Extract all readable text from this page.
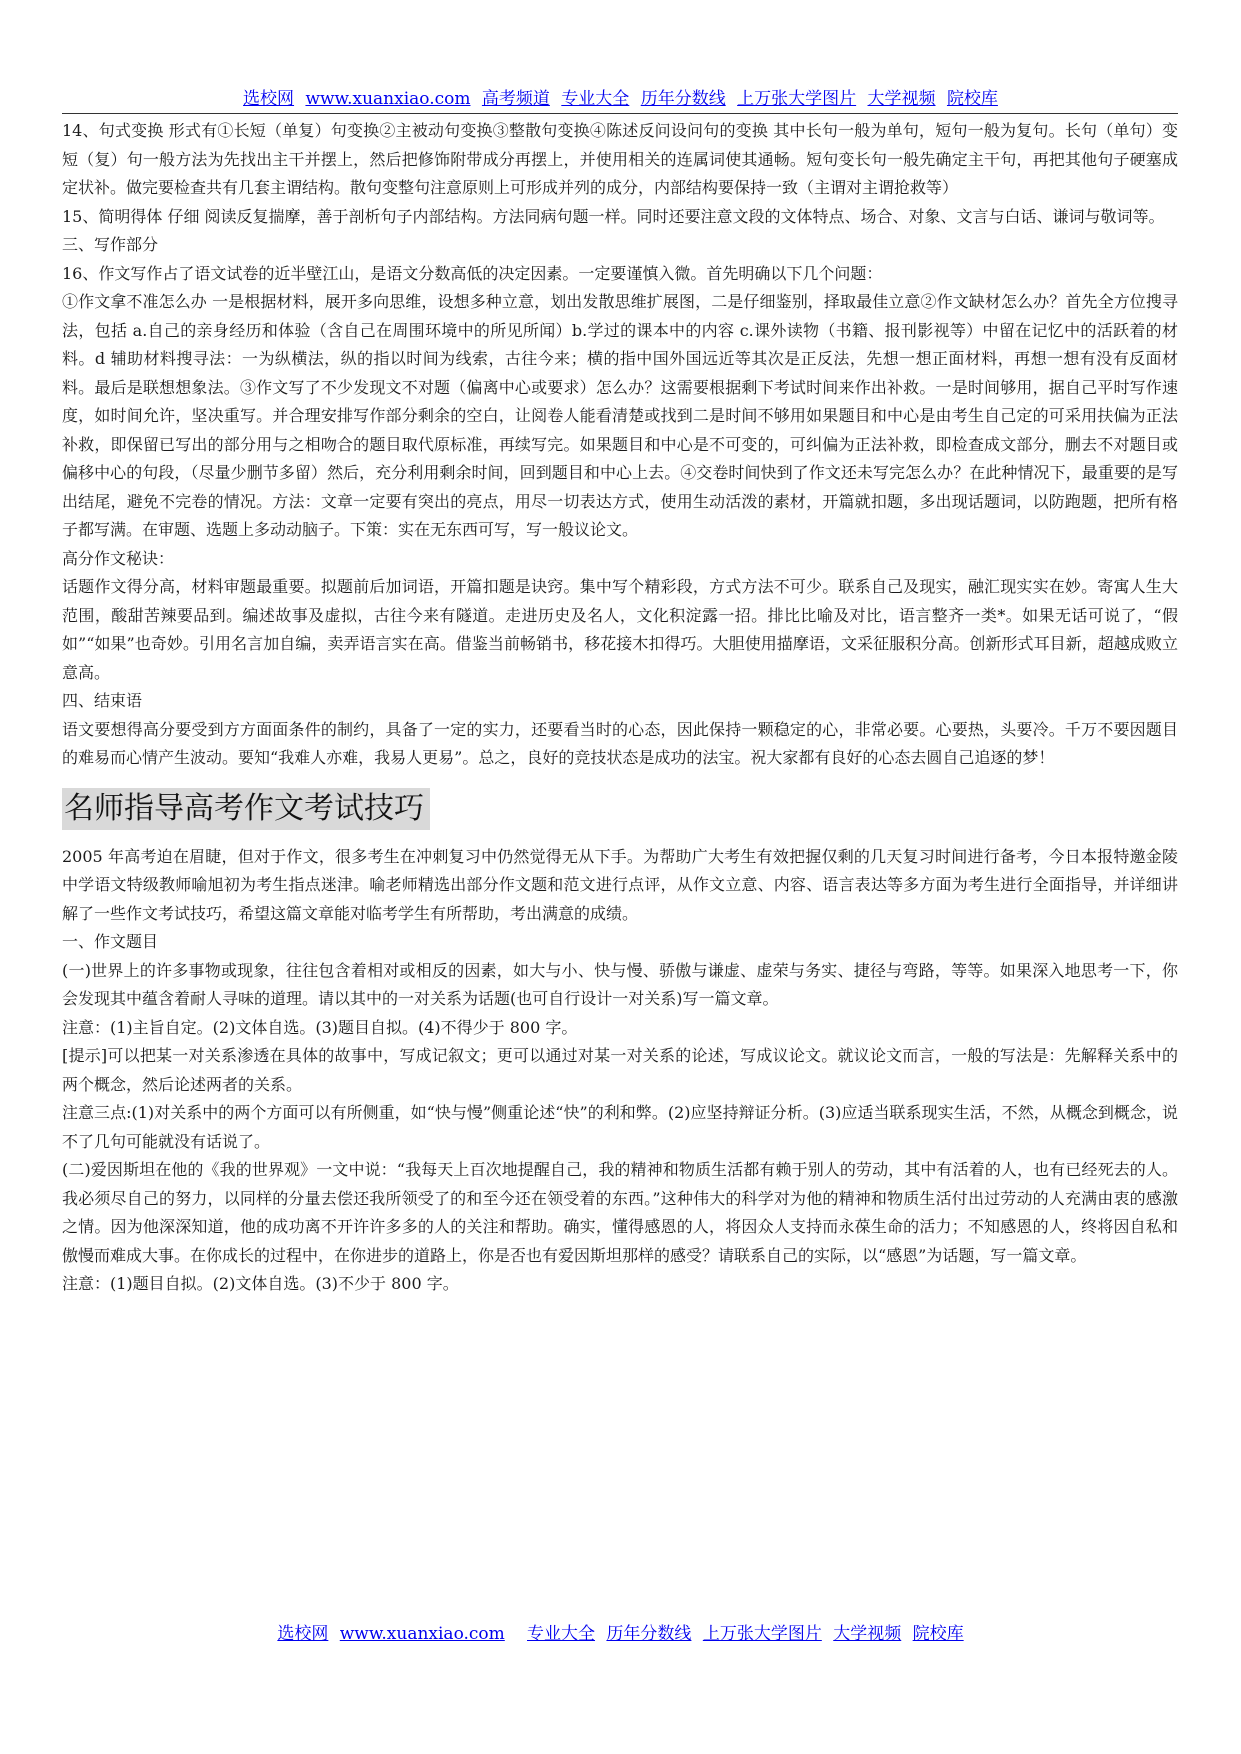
选校网 www.xuanxiao.com 高考频道 专业大全 历年分数线 上万张大学图片 大学视频 院校库

14、句式变换 形式有①长短（单复）句变换②主被动句变换③整散句变换④陈述反问设问句的变换 其中长句一般为单句，短句一般为复句。长句（单句）变短（复）句一般方法为先找出主干并摆上，然后把修饰附带成分再摆上，并使用相关的连属词使其通畅。短句变长句一般先确定主干句，再把其他句子硬塞成定状补。做完要检查共有几套主谓结构。散句变整句注意原则上可形成并列的成分，内部结构要保持一致（主谓对主谓抢救等）

15、简明得体 仔细 阅读反复揣摩，善于剖析句子内部结构。方法同病句题一样。同时还要注意文段的文体特点、场合、对象、文言与白话、谦词与敬词等。

三、写作部分

16、作文写作占了语文试卷的近半壁江山，是语文分数高低的决定因素。一定要谨慎入微。首先明确以下几个问题：

①作文拿不准怎么办 一是根据材料，展开多向思维，设想多种立意，划出发散思维扩展图，二是仔细鉴别，择取最佳立意②作文缺材怎么办？首先全方位搜寻法，包括 a.自己的亲身经历和体验（含自己在周围环境中的所见所闻）b.学过的课本中的内容 c.课外读物（书籍、报刊影视等）中留在记忆中的活跃着的材料。d 辅助材料搜寻法：一为纵横法，纵的指以时间为线索，古往今来；横的指中国外国远近等其次是正反法，先想一想正面材料，再想一想有没有反面材料。最后是联想想象法。③作文写了不少发现文不对题（偏离中心或要求）怎么办？这需要根据剩下考试时间来作出补救。一是时间够用，据自己平时写作速度，如时间允许，坚决重写。并合理安排写作部分剩余的空白，让阅卷人能看清楚或找到二是时间不够用如果题目和中心是由考生自己定的可采用扶偏为正法补救，即保留已写出的部分用与之相吻合的题目取代原标准，再续写完。如果题目和中心是不可变的，可纠偏为正法补救，即检查成文部分，删去不对题目或偏移中心的句段，（尽量少删节多留）然后，充分利用剩余时间，回到题目和中心上去。④交卷时间快到了作文还未写完怎么办？在此种情况下，最重要的是写出结尾，避免不完卷的情况。方法：文章一定要有突出的亮点，用尽一切表达方式，使用生动活泼的素材，开篇就扣题，多出现话题词，以防跑题，把所有格子都写满。在审题、选题上多动动脑子。下策：实在无东西可写，写一般议论文。

高分作文秘诀：

话题作文得分高，材料审题最重要。拟题前后加词语，开篇扣题是诀窍。集中写个精彩段，方式方法不可少。联系自己及现实，融汇现实实在妙。寄寓人生大范围，酸甜苦辣要品到。编述故事及虚拟，古往今来有隧道。走进历史及名人，文化积淀露一招。排比比喻及对比，语言整齐一类*。如果无话可说了，“假如”“如果”也奇妙。引用名言加自编，卖弄语言实在高。借鉴当前畅销书，移花接木扣得巧。大胆使用描摩语，文采征服积分高。创新形式耳目新，超越成败立意高。

四、结束语

语文要想得高分要受到方方面面条件的制约，具备了一定的实力，还要看当时的心态，因此保持一颗稳定的心，非常必要。心要热，头要冷。千万不要因题目的难易而心情产生波动。要知“我难人亦难，我易人更易”。总之，良好的竞技状态是成功的法宝。祝大家都有良好的心态去圆自己追逐的梦！

名师指导高考作文考试技巧

2005 年高考迫在眉睫，但对于作文，很多考生在冲刺复习中仍然觉得无从下手。为帮助广大考生有效把握仅剩的几天复习时间进行备考，今日本报特邀金陵中学语文特级教师喻旭初为考生指点迷津。喻老师精选出部分作文题和范文进行点评，从作文立意、内容、语言表达等多方面为考生进行全面指导，并详细讲解了一些作文考试技巧，希望这篇文章能对临考学生有所帮助，考出满意的成绩。

一、作文题目

(一)世界上的许多事物或现象，往往包含着相对或相反的因素，如大与小、快与慢、骄傲与谦虚、虚荣与务实、捷径与弯路，等等。如果深入地思考一下，你会发现其中蕴含着耐人寻味的道理。请以其中的一对关系为话题(也可自行设计一对关系)写一篇文章。

注意：(1)主旨自定。(2)文体自选。(3)题目自拟。(4)不得少于 800 字。

[提示]可以把某一对关系渗透在具体的故事中，写成记叙文；更可以通过对某一对关系的论述，写成议论文。就议论文而言，一般的写法是：先解释关系中的两个概念，然后论述两者的关系。

注意三点:(1)对关系中的两个方面可以有所侧重，如“快与慢”侧重论述“快”的利和弊。(2)应坚持辩证分析。(3)应适当联系现实生活，不然，从概念到概念，说不了几句可能就没有话说了。

(二)爱因斯坦在他的《我的世界观》一文中说：“我每天上百次地提醒自己，我的精神和物质生活都有赖于别人的劳动，其中有活着的人，也有已经死去的人。我必须尽自己的努力，以同样的分量去偿还我所领受了的和至今还在领受着的东西。”这种伟大的科学对为他的精神和物质生活付出过劳动的人充满由衷的感激之情。因为他深深知道，他的成功离不开许许多多的人的关注和帮助。确实，懂得感恩的人，将因众人支持而永葆生命的活力；不知感恩的人，终将因自私和傲慢而难成大事。在你成长的过程中，在你进步的道路上，你是否也有爱因斯坦那样的感受？请联系自己的实际，以“感恩”为话题，写一篇文章。

注意：(1)题目自拟。(2)文体自选。(3)不少于 800 字。

选校网 www.xuanxiao.com 专业大全 历年分数线 上万张大学图片 大学视频 院校库
